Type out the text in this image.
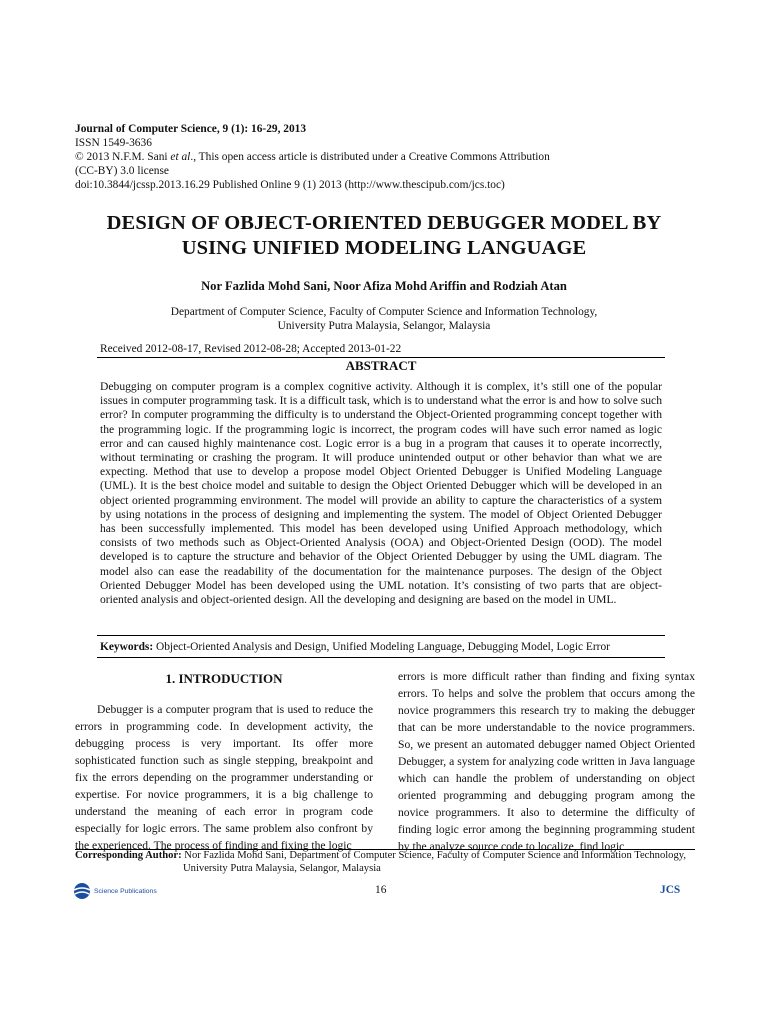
Journal of Computer Science, 9 (1): 16-29, 2013
ISSN 1549-3636
© 2013 N.F.M. Sani et al., This open access article is distributed under a Creative Commons Attribution
(CC-BY) 3.0 license
doi:10.3844/jcssp.2013.16.29 Published Online 9 (1) 2013 (http://www.thescipub.com/jcs.toc)
DESIGN OF OBJECT-ORIENTED DEBUGGER MODEL BY
USING UNIFIED MODELING LANGUAGE
Nor Fazlida Mohd Sani, Noor Afiza Mohd Ariffin and Rodziah Atan
Department of Computer Science, Faculty of Computer Science and Information Technology,
University Putra Malaysia, Selangor, Malaysia
Received 2012-08-17, Revised 2012-08-28; Accepted 2013-01-22
ABSTRACT
Debugging on computer program is a complex cognitive activity. Although it is complex, it’s still one of the popular issues in computer programming task. It is a difficult task, which is to understand what the error is and how to solve such error? In computer programming the difficulty is to understand the Object-Oriented programming concept together with the programming logic. If the programming logic is incorrect, the program codes will have such error named as logic error and can caused highly maintenance cost. Logic error is a bug in a program that causes it to operate incorrectly, without terminating or crashing the program. It will produce unintended output or other behavior than what we are expecting. Method that use to develop a propose model Object Oriented Debugger is Unified Modeling Language (UML). It is the best choice model and suitable to design the Object Oriented Debugger which will be developed in an object oriented programming environment. The model will provide an ability to capture the characteristics of a system by using notations in the process of designing and implementing the system. The model of Object Oriented Debugger has been successfully implemented. This model has been developed using Unified Approach methodology, which consists of two methods such as Object-Oriented Analysis (OOA) and Object-Oriented Design (OOD). The model developed is to capture the structure and behavior of the Object Oriented Debugger by using the UML diagram. The model also can ease the readability of the documentation for the maintenance purposes. The design of the Object Oriented Debugger Model has been developed using the UML notation. It’s consisting of two parts that are object-oriented analysis and object-oriented design. All the developing and designing are based on the model in UML.
Keywords: Object-Oriented Analysis and Design, Unified Modeling Language, Debugging Model, Logic Error
1. INTRODUCTION

Debugger is a computer program that is used to reduce the errors in programming code. In development activity, the debugging process is very important. Its offer more sophisticated function such as single stepping, breakpoint and fix the errors depending on the programmer understanding or expertise. For novice programmers, it is a big challenge to understand the meaning of each error in program code especially for logic errors. The same problem also confront by the experienced. The process of finding and fixing the logic

errors is more difficult rather than finding and fixing syntax errors. To helps and solve the problem that occurs among the novice programmers this research try to making the debugger that can be more understandable to the novice programmers. So, we present an automated debugger named Object Oriented Debugger, a system for analyzing code written in Java language which can handle the problem of understanding on object oriented programming and debugging program among the novice programmers. It also to determine the difficulty of finding logic error among the beginning programming student by the analyze source code to localize, find logic

Corresponding Author: Nor Fazlida Mohd Sani, Department of Computer Science, Faculty of Computer Science and Information Technology,
University Putra Malaysia, Selangor, Malaysia
Science Publications	16	JCS
